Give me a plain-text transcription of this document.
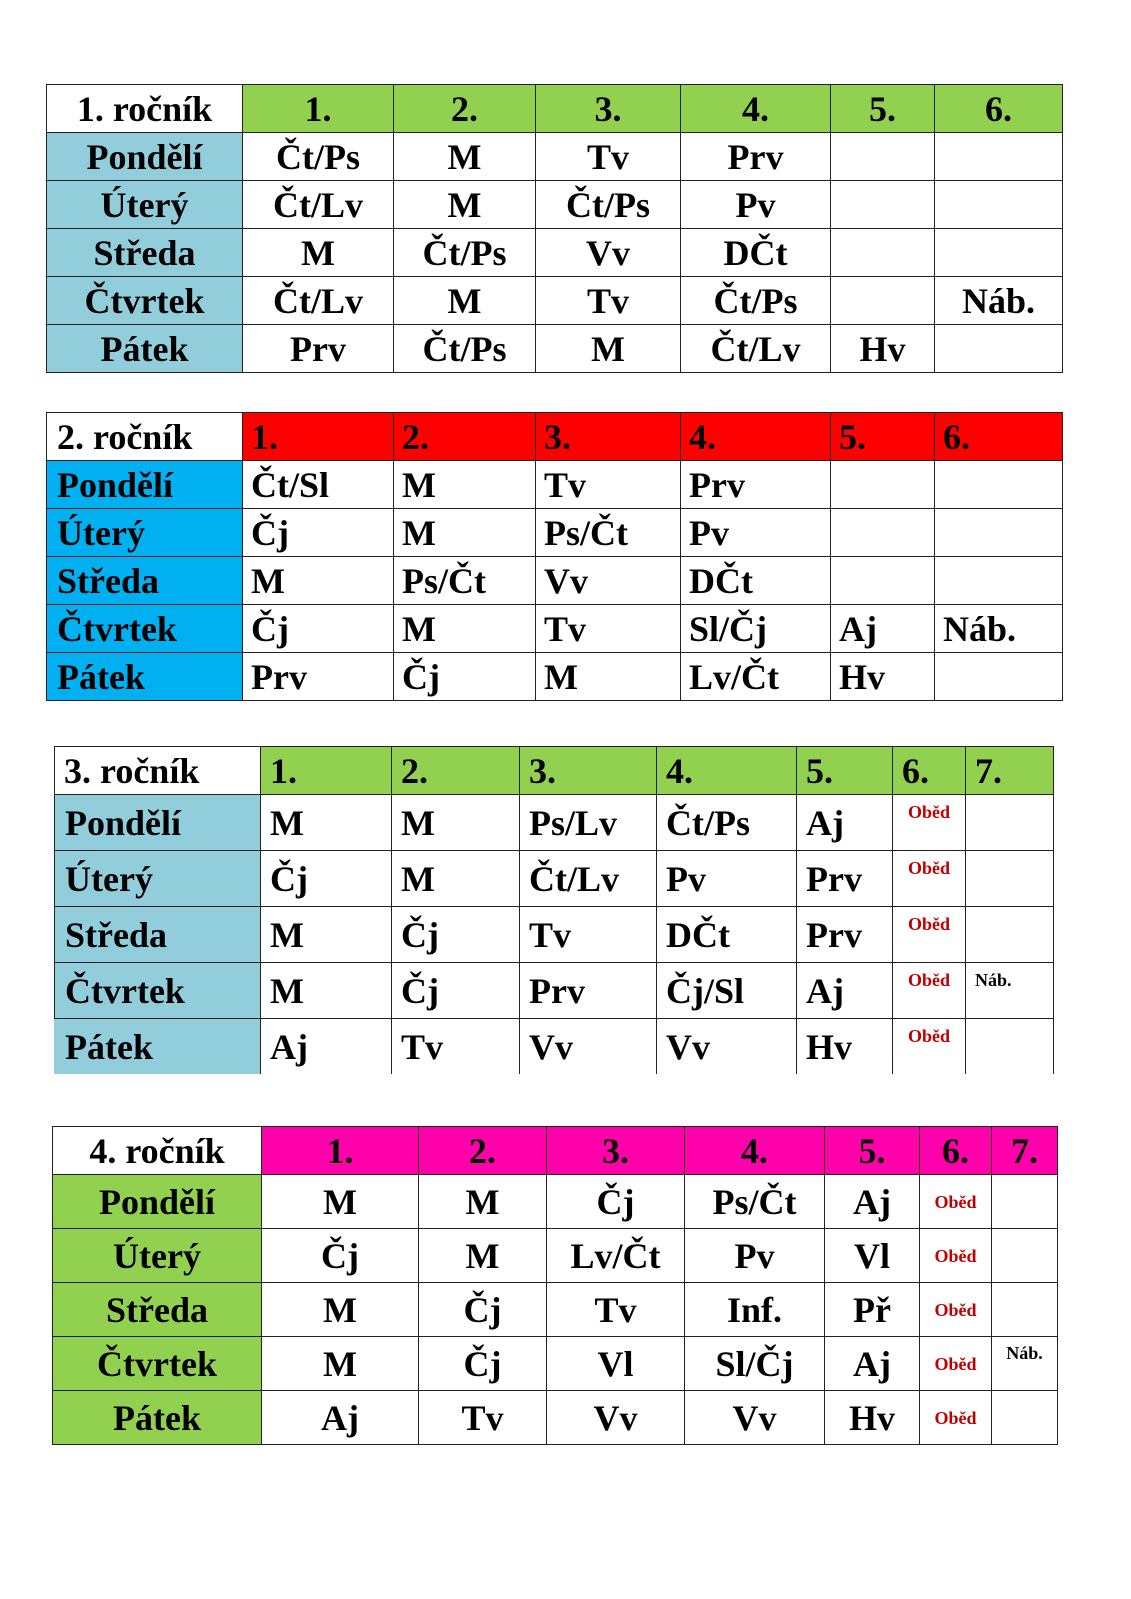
1. ročník	1.	2.	3.	4.	5.	6.
Pondělí	Čt/Ps	M	Tv	Prv		
Úterý	Čt/Lv	M	Čt/Ps	Pv		
Středa	M	Čt/Ps	Vv	DČt		
Čtvrtek	Čt/Lv	M	Tv	Čt/Ps		Náb.
Pátek	Prv	Čt/Ps	M	Čt/Lv	Hv	
2. ročník	1.	2.	3.	4.	5.	6.
Pondělí	Čt/Sl	M	Tv	Prv		
Úterý	Čj	M	Ps/Čt	Pv		
Středa	M	Ps/Čt	Vv	DČt		
Čtvrtek	Čj	M	Tv	Sl/Čj	Aj	Náb.
Pátek	Prv	Čj	M	Lv/Čt	Hv	
3. ročník	1.	2.	3.	4.	5.	6.	7.
Pondělí	M	M	Ps/Lv	Čt/Ps	Aj	Oběd	
Úterý	Čj	M	Čt/Lv	Pv	Prv	Oběd	
Středa	M	Čj	Tv	DČt	Prv	Oběd	
Čtvrtek	M	Čj	Prv	Čj/Sl	Aj	Oběd	Náb.
Pátek	Aj	Tv	Vv	Vv	Hv	Oběd	
4. ročník	1.	2.	3.	4.	5.	6.	7.
Pondělí	M	M	Čj	Ps/Čt	Aj	Oběd	
Úterý	Čj	M	Lv/Čt	Pv	Vl	Oběd	
Středa	M	Čj	Tv	Inf.	Př	Oběd	
Čtvrtek	M	Čj	Vl	Sl/Čj	Aj	Oběd	Náb.
Pátek	Aj	Tv	Vv	Vv	Hv	Oběd	
